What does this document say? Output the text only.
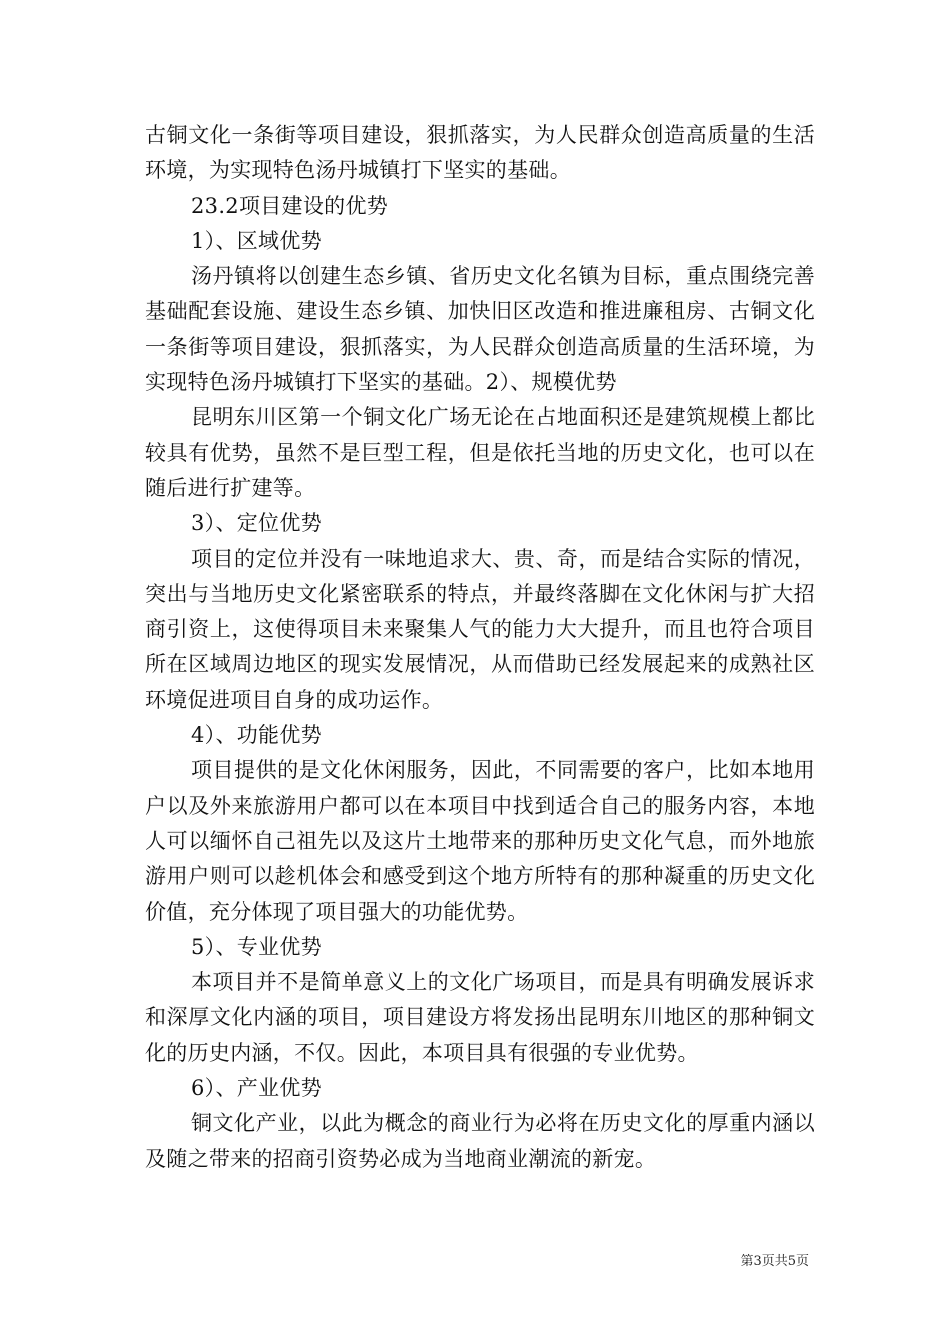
古铜文化一条街等项目建设，狠抓落实，为人民群众创造高质量的生活环境，为实现特色汤丹城镇打下坚实的基础。

23.2项目建设的优势

1）、区域优势

汤丹镇将以创建生态乡镇、省历史文化名镇为目标，重点围绕完善基础配套设施、建设生态乡镇、加快旧区改造和推进廉租房、古铜文化一条街等项目建设，狠抓落实，为人民群众创造高质量的生活环境，为实现特色汤丹城镇打下坚实的基础。2）、规模优势

昆明东川区第一个铜文化广场无论在占地面积还是建筑规模上都比较具有优势，虽然不是巨型工程，但是依托当地的历史文化，也可以在随后进行扩建等。

3）、定位优势

项目的定位并没有一味地追求大、贵、奇，而是结合实际的情况，突出与当地历史文化紧密联系的特点，并最终落脚在文化休闲与扩大招商引资上，这使得项目未来聚集人气的能力大大提升，而且也符合项目所在区域周边地区的现实发展情况，从而借助已经发展起来的成熟社区环境促进项目自身的成功运作。

4）、功能优势

项目提供的是文化休闲服务，因此，不同需要的客户，比如本地用户以及外来旅游用户都可以在本项目中找到适合自己的服务内容，本地人可以缅怀自己祖先以及这片土地带来的那种历史文化气息，而外地旅游用户则可以趁机体会和感受到这个地方所特有的那种凝重的历史文化价值，充分体现了项目强大的功能优势。

5）、专业优势

本项目并不是简单意义上的文化广场项目，而是具有明确发展诉求和深厚文化内涵的项目，项目建设方将发扬出昆明东川地区的那种铜文化的历史内涵，不仅。因此，本项目具有很强的专业优势。

6）、产业优势

铜文化产业，以此为概念的商业行为必将在历史文化的厚重内涵以及随之带来的招商引资势必成为当地商业潮流的新宠。

第3页共5页
